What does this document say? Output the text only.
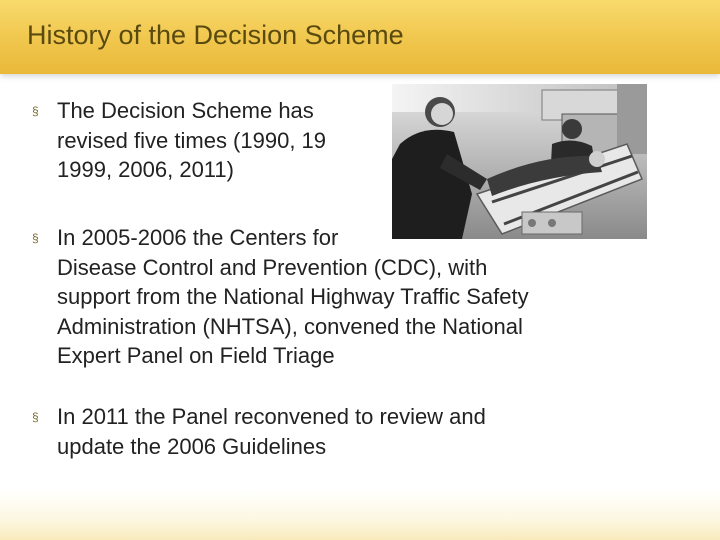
History of the Decision Scheme
§ The Decision Scheme has
revised five times (1990, 19
1999, 2006, 2011)

§ In 2005-2006 the Centers for
Disease Control and Prevention (CDC), with
support from the National Highway Traffic Safety
Administration (NHTSA), convened the National
Expert Panel on Field Triage

§ In 2011 the Panel reconvened to review and
update the 2006 Guidelines
